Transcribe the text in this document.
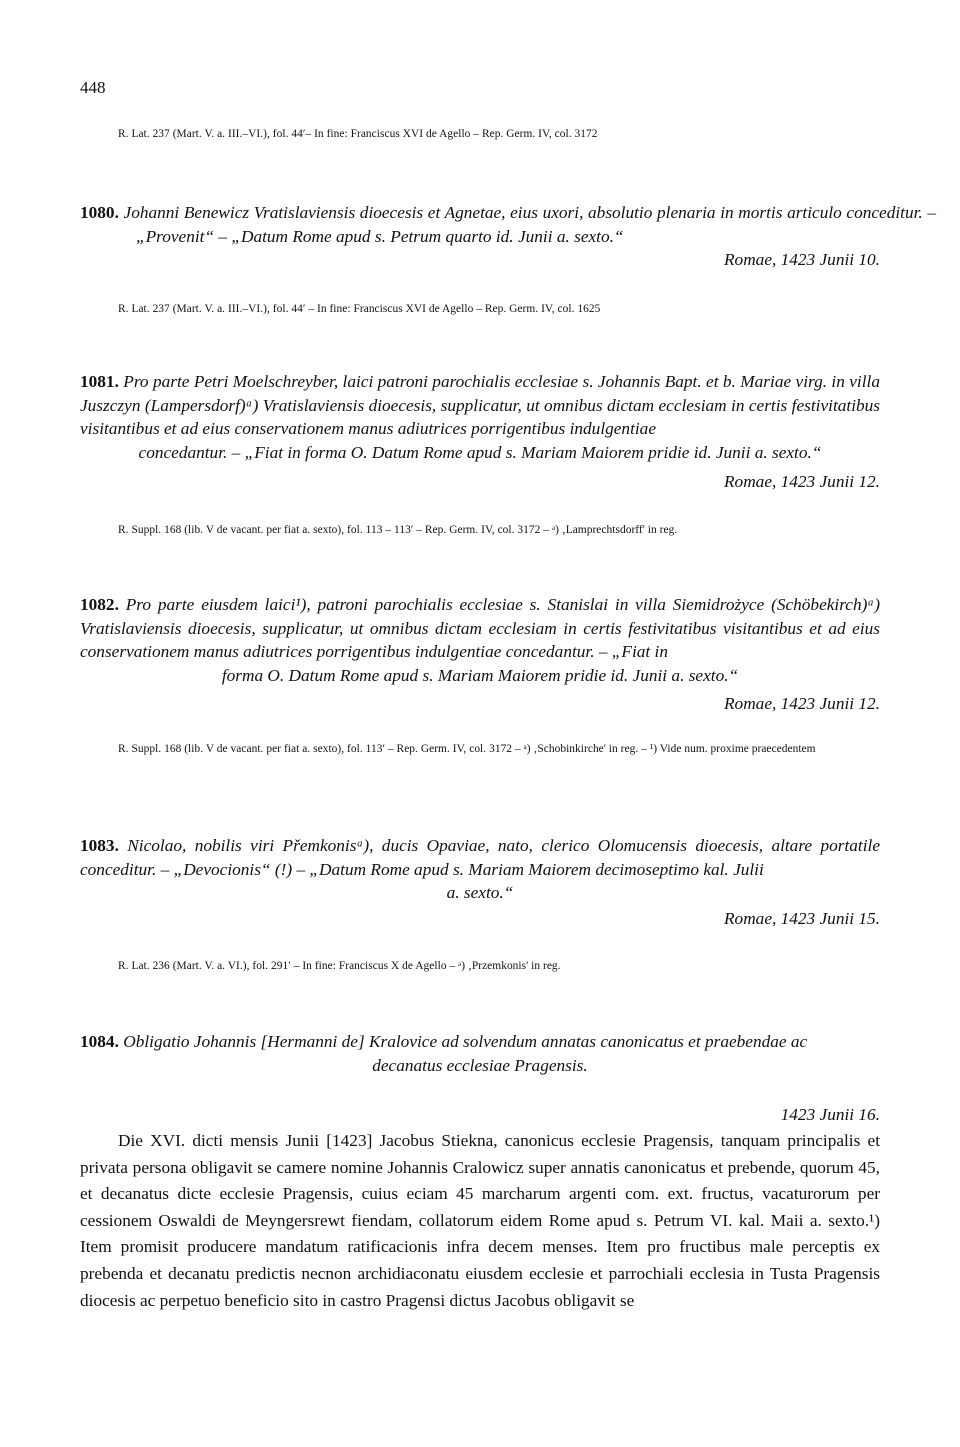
448
R. Lat. 237 (Mart. V. a. III.–VI.), fol. 44′– In fine: Franciscus XVI de Agello – Rep. Germ. IV, col. 3172
1080. Johanni Benewicz Vratislaviensis dioecesis et Agnetae, eius uxori, absolutio plenaria in mortis articulo conceditur. – „Provenit“ – „Datum Rome apud s. Petrum quarto id. Junii a. sexto.“
Romae, 1423 Junii 10.
R. Lat. 237 (Mart. V. a. III.–VI.), fol. 44′ – In fine: Franciscus XVI de Agello – Rep. Germ. IV, col. 1625
1081. Pro parte Petri Moelschreyber, laici patroni parochialis ecclesiae s. Johannis Bapt. et b. Mariae virg. in villa Juszczyn (Lampersdorf)ᵃ) Vratislaviensis dioecesis, supplicatur, ut omnibus dictam ecclesiam in certis festivitatibus visitantibus et ad eius conservationem manus adiutrices porrigentibus indulgentiae
concedantur. – „Fiat in forma O. Datum Rome apud s. Mariam Maiorem pridie id. Junii a. sexto.“
Romae, 1423 Junii 12.
R. Suppl. 168 (lib. V de vacant. per fiat a. sexto), fol. 113 – 113′ – Rep. Germ. IV, col. 3172 – ᵃ) ‚Lamprechtsdorff' in reg.
1082. Pro parte eiusdem laici¹), patroni parochialis ecclesiae s. Stanislai in villa Siemidrożyce (Schöbekirch)ᵃ) Vratislaviensis dioecesis, supplicatur, ut omnibus dictam ecclesiam in certis festivitatibus visitantibus et ad eius conservationem manus adiutrices porrigentibus indulgentiae concedantur. – „Fiat in
forma O. Datum Rome apud s. Mariam Maiorem pridie id. Junii a. sexto.“
Romae, 1423 Junii 12.
R. Suppl. 168 (lib. V de vacant. per fiat a. sexto), fol. 113′ – Rep. Germ. IV, col. 3172 – ᵃ) ‚Schobinkirche' in reg. – ¹) Vide num. proxime praecedentem
1083. Nicolao, nobilis viri Přemkonisᵃ), ducis Opaviae, nato, clerico Olomucensis dioecesis, altare portatile conceditur. – „Devocionis“ (!) – „Datum Rome apud s. Mariam Maiorem decimoseptimo kal. Julii
a. sexto.“
Romae, 1423 Junii 15.
R. Lat. 236 (Mart. V. a. VI.), fol. 291′ – In fine: Franciscus X de Agello – ᵃ) ‚Przemkonis' in reg.
1084. Obligatio Johannis [Hermanni de] Kralovice ad solvendum annatas canonicatus et praebendae ac
decanatus ecclesiae Pragensis.
1423 Junii 16.
Die XVI. dicti mensis Junii [1423] Jacobus Stiekna, canonicus ecclesie Pragensis, tanquam principalis et privata persona obligavit se camere nomine Johannis Cralowicz super annatis canonicatus et prebende, quorum 45, et decanatus dicte ecclesie Pragensis, cuius eciam 45 marcharum argenti com. ext. fructus, vacaturorum per cessionem Oswaldi de Meyngersrewt fiendam, collatorum eidem Rome apud s. Petrum VI. kal. Maii a. sexto.¹) Item promisit producere mandatum ratificacionis infra decem menses. Item pro fructibus male perceptis ex prebenda et decanatu predictis necnon archidiaconatu eiusdem ecclesie et parrochiali ecclesia in Tusta Pragensis diocesis ac perpetuo beneficio sito in castro Pragensi dictus Jacobus obligavit se
